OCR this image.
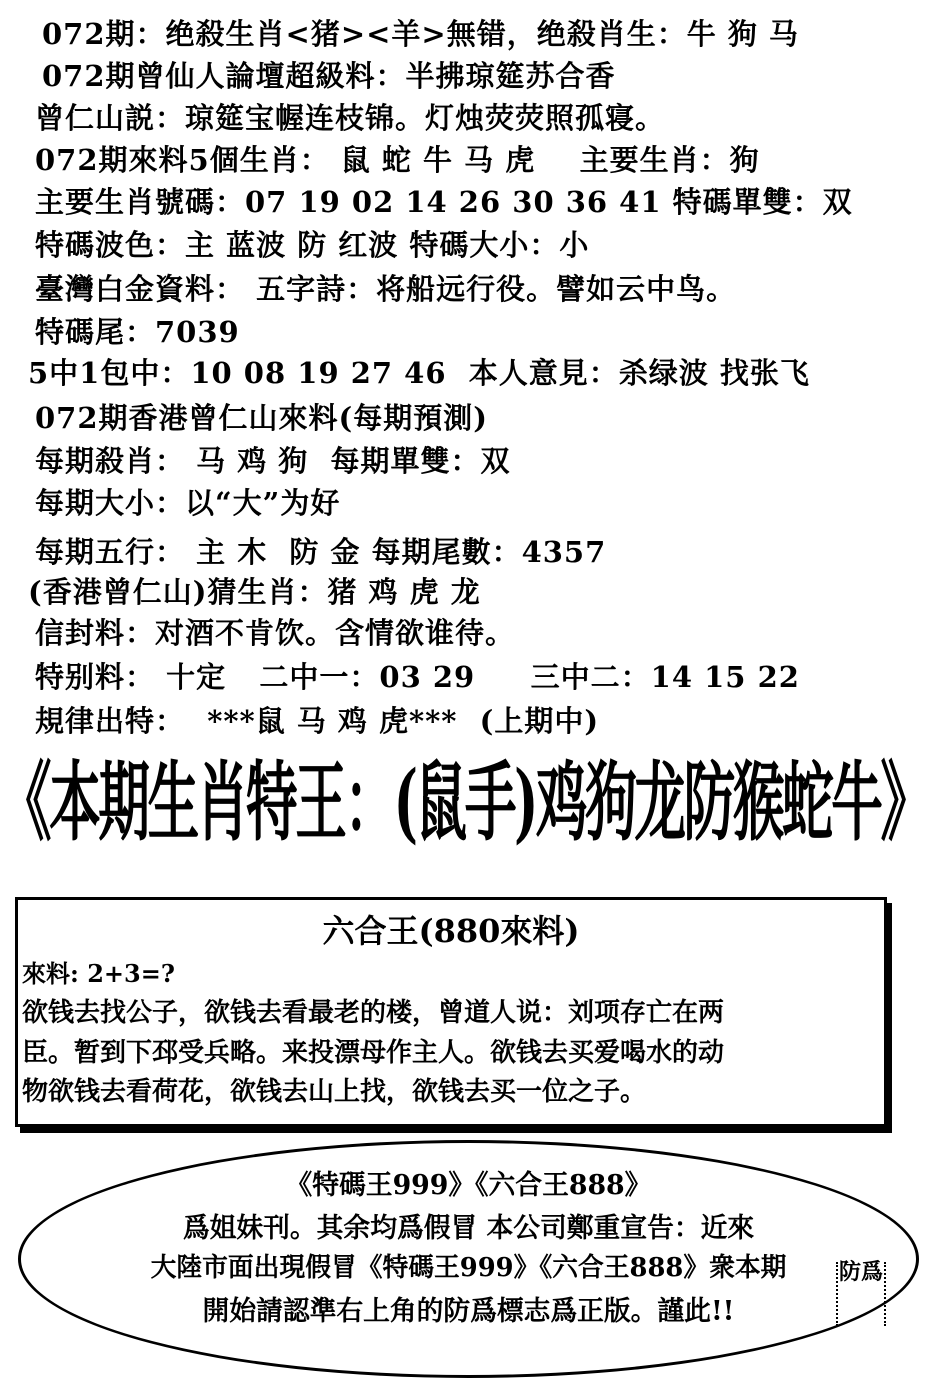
072期：绝殺生肖<猪><羊>無错，绝殺肖生：牛 狗 马
072期曾仙人論壇超級料：半拂琼筵苏合香
曾仁山説：琼筵宝幄连枝锦。灯烛荧荧照孤寝。
072期來料5個生肖： 鼠 蛇 牛 马 虎    主要生肖：狗
主要生肖號碼：07 19 02 14 26 30 36 41 特碼單雙：双
特碼波色：主 蓝波 防 红波 特碼大小：小
臺灣白金資料： 五字詩：将船远行役。譬如云中鸟。
特碼尾：7039
5中1包中：10 08 19 27 46  本人意見：杀绿波 找张飞
072期香港曾仁山來料(每期預測)
每期殺肖： 马 鸡 狗  每期單雙：双
每期大小：以“大”为好
每期五行： 主 木  防 金 每期尾數：4357
(香港曾仁山)猜生肖：猪 鸡 虎 龙
信封料：对酒不肯饮。含情欲谁待。
特别料： 十定   二中一：03 29     三中二：14 15 22
規律出特：  ***鼠 马 鸡 虎***  (上期中)
《本期生肖特王：(鼠手)鸡狗龙防猴蛇牛》
六合王(880來料)
來料: 2+3=?
欲钱去找公子，欲钱去看最老的楼，曾道人说：刘项存亡在两
臣。暂到下邳受兵略。来投漂母作主人。欲钱去买爱喝水的动
物欲钱去看荷花，欲钱去山上找，欲钱去买一位之子。
《特碼王999》《六合王888》
爲姐妹刊。其余均爲假冒 本公司鄭重宣告：近來
大陸市面出現假冒《特碼王999》《六合王888》衆本期
開始請認準右上角的防爲標志爲正版。謹此!!
防爲
